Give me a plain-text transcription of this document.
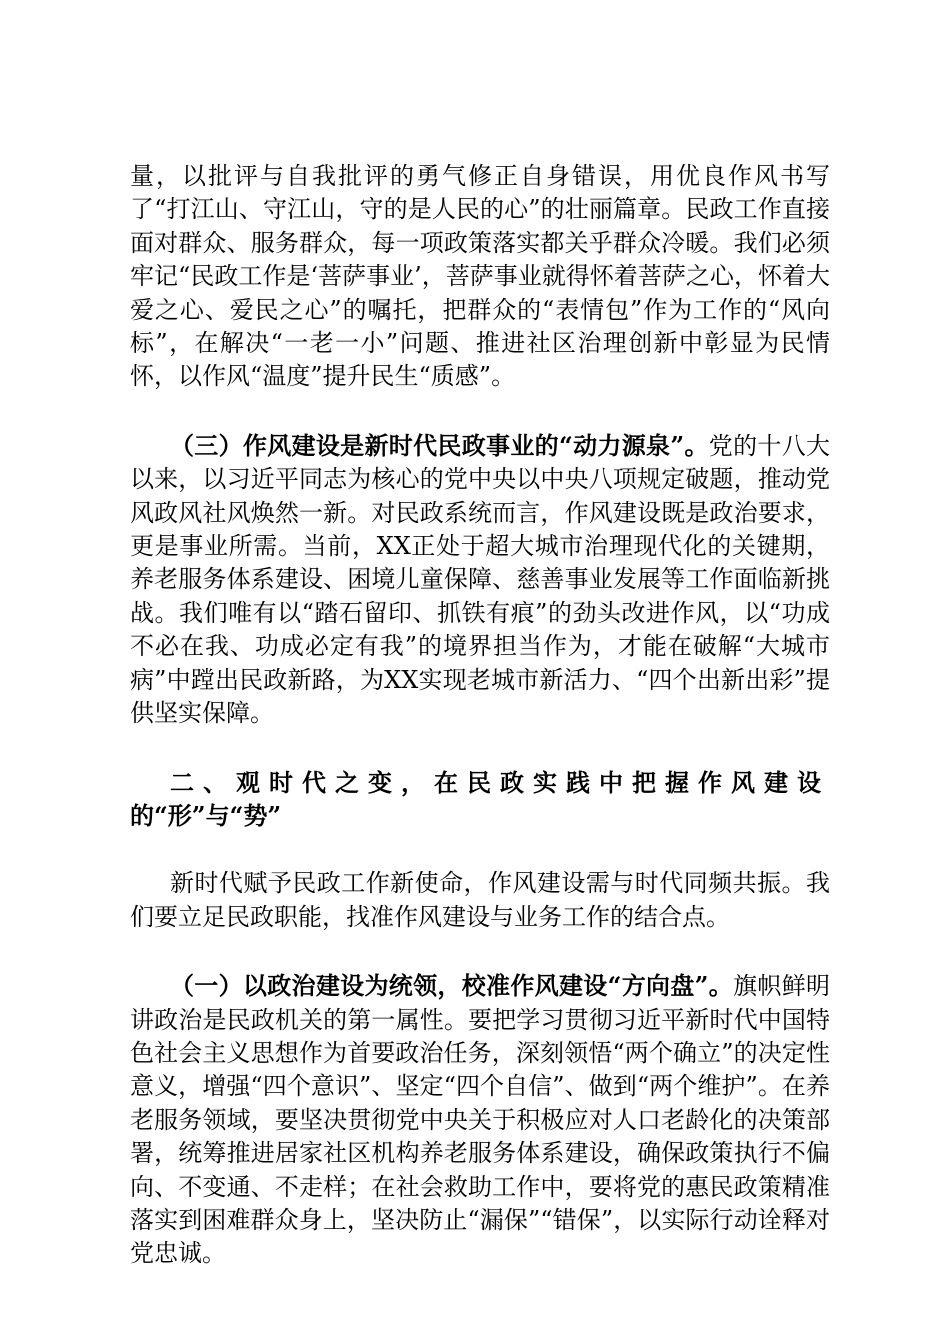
量，以批评与自我批评的勇气修正自身错误，用优良作风书写了“打江山、守江山，守的是人民的心”的壮丽篇章。民政工作直接面对群众、服务群众，每一项政策落实都关乎群众冷暖。我们必须牢记“民政工作是‘菩萨事业’，菩萨事业就得怀着菩萨之心，怀着大爱之心、爱民之心”的嘱托，把群众的“表情包”作为工作的“风向标”，在解决“一老一小”问题、推进社区治理创新中彰显为民情怀，以作风“温度”提升民生“质感”。

（三）作风建设是新时代民政事业的“动力源泉”。党的十八大以来，以习近平同志为核心的党中央以中央八项规定破题，推动党风政风社风焕然一新。对民政系统而言，作风建设既是政治要求，更是事业所需。当前，XX正处于超大城市治理现代化的关键期，养老服务体系建设、困境儿童保障、慈善事业发展等工作面临新挑战。我们唯有以“踏石留印、抓铁有痕”的劲头改进作风，以“功成不必在我、功成必定有我”的境界担当作为，才能在破解“大城市病”中蹚出民政新路，为XX实现老城市新活力、“四个出新出彩”提供坚实保障。

二、观时代之变，在民政实践中把握作风建设
的“形”与“势”

新时代赋予民政工作新使命，作风建设需与时代同频共振。我们要立足民政职能，找准作风建设与业务工作的结合点。

（一）以政治建设为统领，校准作风建设“方向盘”。旗帜鲜明讲政治是民政机关的第一属性。要把学习贯彻习近平新时代中国特色社会主义思想作为首要政治任务，深刻领悟“两个确立”的决定性意义，增强“四个意识”、坚定“四个自信”、做到“两个维护”。在养老服务领域，要坚决贯彻党中央关于积极应对人口老龄化的决策部署，统筹推进居家社区机构养老服务体系建设，确保政策执行不偏向、不变通、不走样；在社会救助工作中，要将党的惠民政策精准落实到困难群众身上，坚决防止“漏保”“错保”，以实际行动诠释对党忠诚。
